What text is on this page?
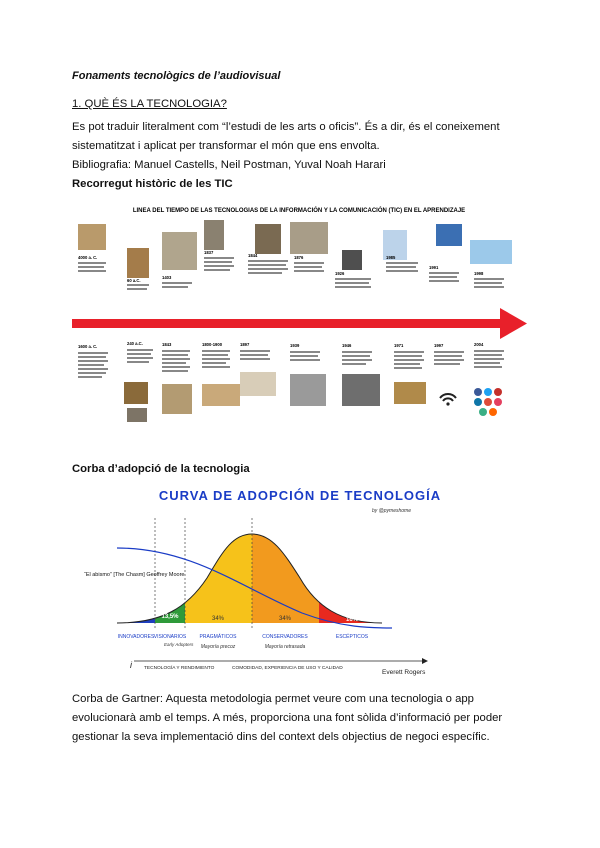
Fonaments tecnològics de l’audiovisual
1. QUÈ ÉS LA TECNOLOGIA?
Es pot traduir literalment com “l’estudi de les arts o oficis”. És a dir, és el coneixement
sistematitzat i aplicat per transformar el món que ens envolta.
Bibliografia: Manuel Castells, Neil Postman, Yuval Noah Harari
Recorregut històric de les TIC
LINEA DEL TIEMPO DE LAS TECNOLOGIAS DE LA INFORMACIÓN Y LA COMUNICACIÓN (TIC) EN EL APRENDIZAJE
4000 a. C.
60 a.C.
1403
1837
1844	1876
1926
1985
1991
1998
1600 a. C.
240 a.C.	1843	1800-1900	1897	1939	1946	1971	1997	2004
Corba d’adopció de la tecnologia
CURVA DE ADOPCIÓN DE TECNOLOGÍA
by @pymeshome
“El abismo” [The Chasm] Geoffrey Moore
2,5%	13,5%	34%	34%	16%
INNOVADORES VISIONARIOS	PRAGMÁTICOS	CONSERVADORES	ESCÉPTICOS
Early Adopters Mayoría precoz	Mayoría retrasada
i	TECNOLOGÍA Y RENDIMIENTO	COMODIDAD, EXPERIENCIA DE USO Y CALIDAD
Everett Rogers
Corba de Gartner: Aquesta metodologia permet veure com una tecnologia o app
evolucionarà amb el temps. A més, proporciona una font sòlida d’informació per poder
gestionar la seva implementació dins del context dels objectius de negoci específic.
